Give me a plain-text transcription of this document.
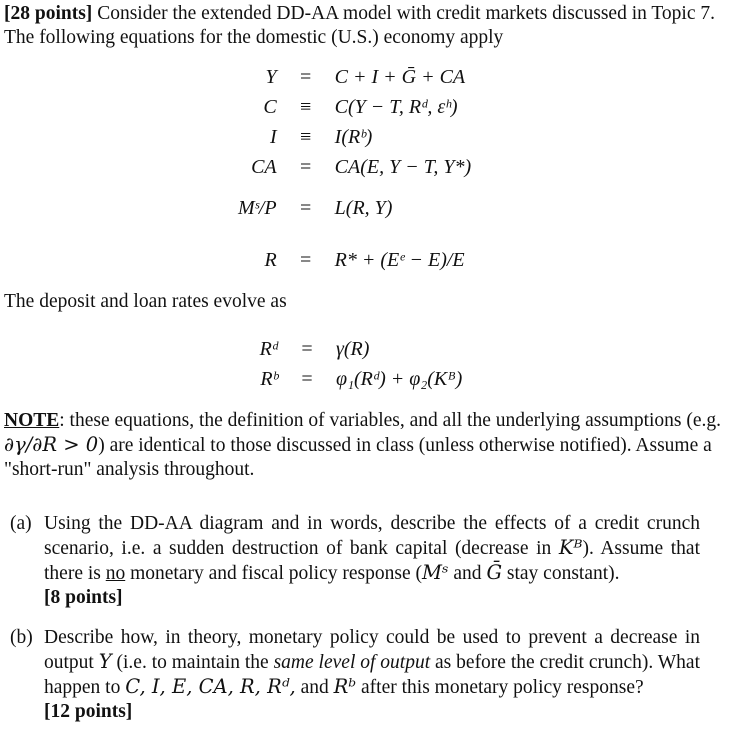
[28 points] Consider the extended DD-AA model with credit markets discussed in Topic 7. The following equations for the domestic (U.S.) economy apply

Y	=	C + I + Ḡ + CA
C	≡	C(Y − T, Rᵈ, εʰ)
I	≡	I(Rᵇ)
CA	=	CA(E, Y − T, Y*)
Mˢ/P	=	L(R, Y)
R	=	R* + (Eᵉ − E)/E

The deposit and loan rates evolve as

Rᵈ	=	γ(R)
Rᵇ	=	φ₁(Rᵈ) + φ₂(Kᴮ)

NOTE: these equations, the definition of variables, and all the underlying assumptions (e.g. ∂γ/∂R > 0) are identical to those discussed in class (unless otherwise notified). Assume a "short-run" analysis throughout.

(a) Using the DD-AA diagram and in words, describe the effects of a credit crunch scenario, i.e. a sudden destruction of bank capital (decrease in Kᴮ). Assume that there is no monetary and fiscal policy response (Mˢ and Ḡ stay constant).
[8 points]
(b) Describe how, in theory, monetary policy could be used to prevent a decrease in output Y (i.e. to maintain the same level of output as before the credit crunch). What happen to C, I, E, CA, R, Rᵈ, and Rᵇ after this monetary policy response?
[12 points]
